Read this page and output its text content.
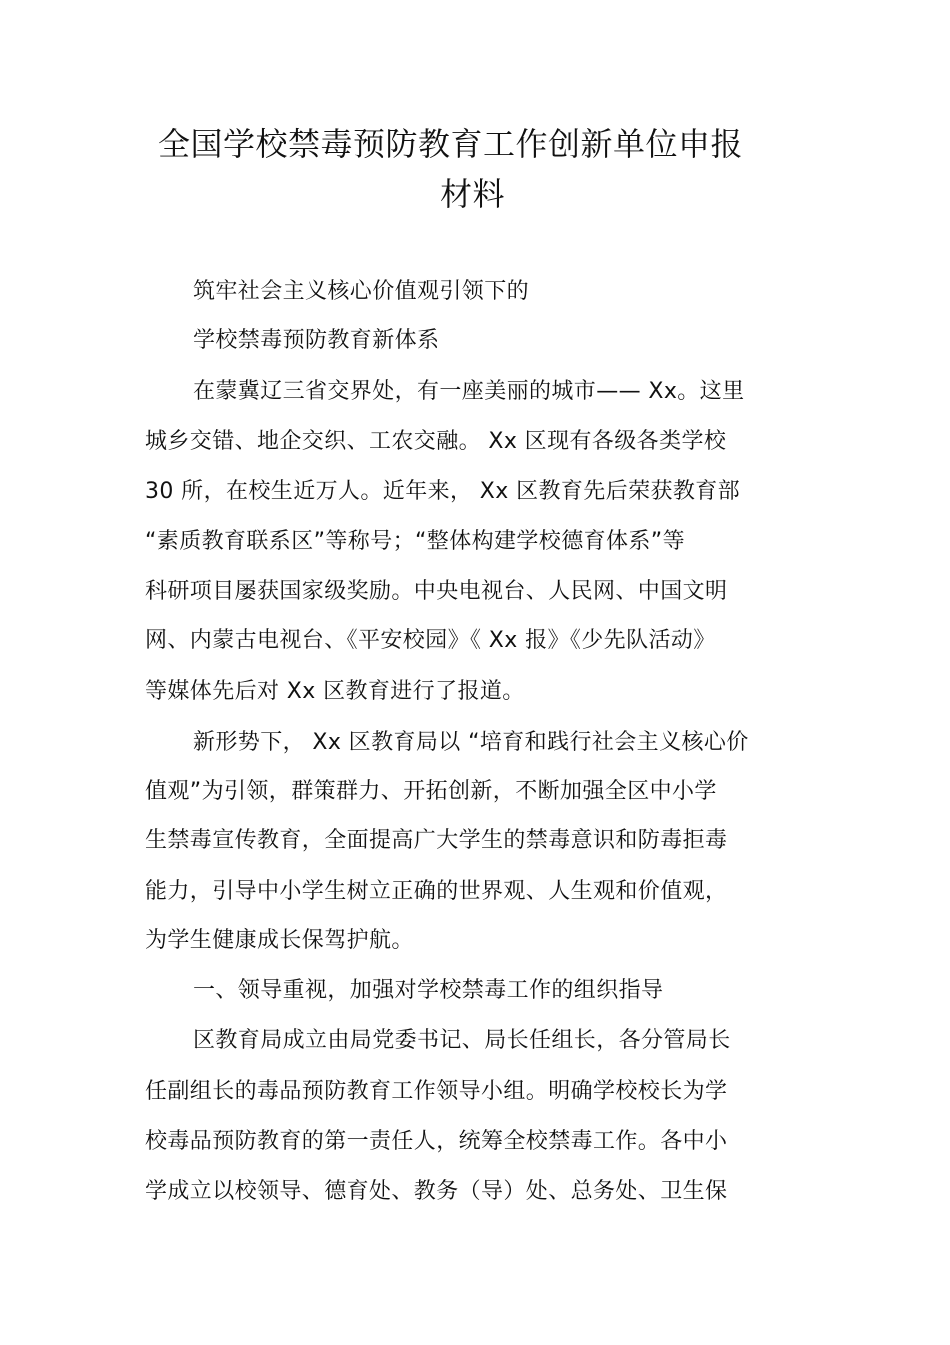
全国学校禁毒预防教育工作创新单位申报
材料
筑牢社会主义核心价值观引领下的
学校禁毒预防教育新体系
在蒙冀辽三省交界处，有一座美丽的城市—— Xx。这里
城乡交错、地企交织、工农交融。 Xx 区现有各级各类学校
30 所，在校生近万人。近年来， Xx 区教育先后荣获教育部
“素质教育联系区”等称号；“整体构建学校德育体系”等
科研项目屡获国家级奖励。中央电视台、人民网、中国文明
网、内蒙古电视台、《平安校园》《 Xx 报》《少先队活动》
等媒体先后对 Xx 区教育进行了报道。
新形势下， Xx 区教育局以 “培育和践行社会主义核心价
值观”为引领，群策群力、开拓创新，不断加强全区中小学
生禁毒宣传教育，全面提高广大学生的禁毒意识和防毒拒毒
能力，引导中小学生树立正确的世界观、人生观和价值观，
为学生健康成长保驾护航。
一、领导重视，加强对学校禁毒工作的组织指导
区教育局成立由局党委书记、局长任组长，各分管局长
任副组长的毒品预防教育工作领导小组。明确学校校长为学
校毒品预防教育的第一责任人，统筹全校禁毒工作。各中小
学成立以校领导、德育处、教务（导）处、总务处、卫生保
